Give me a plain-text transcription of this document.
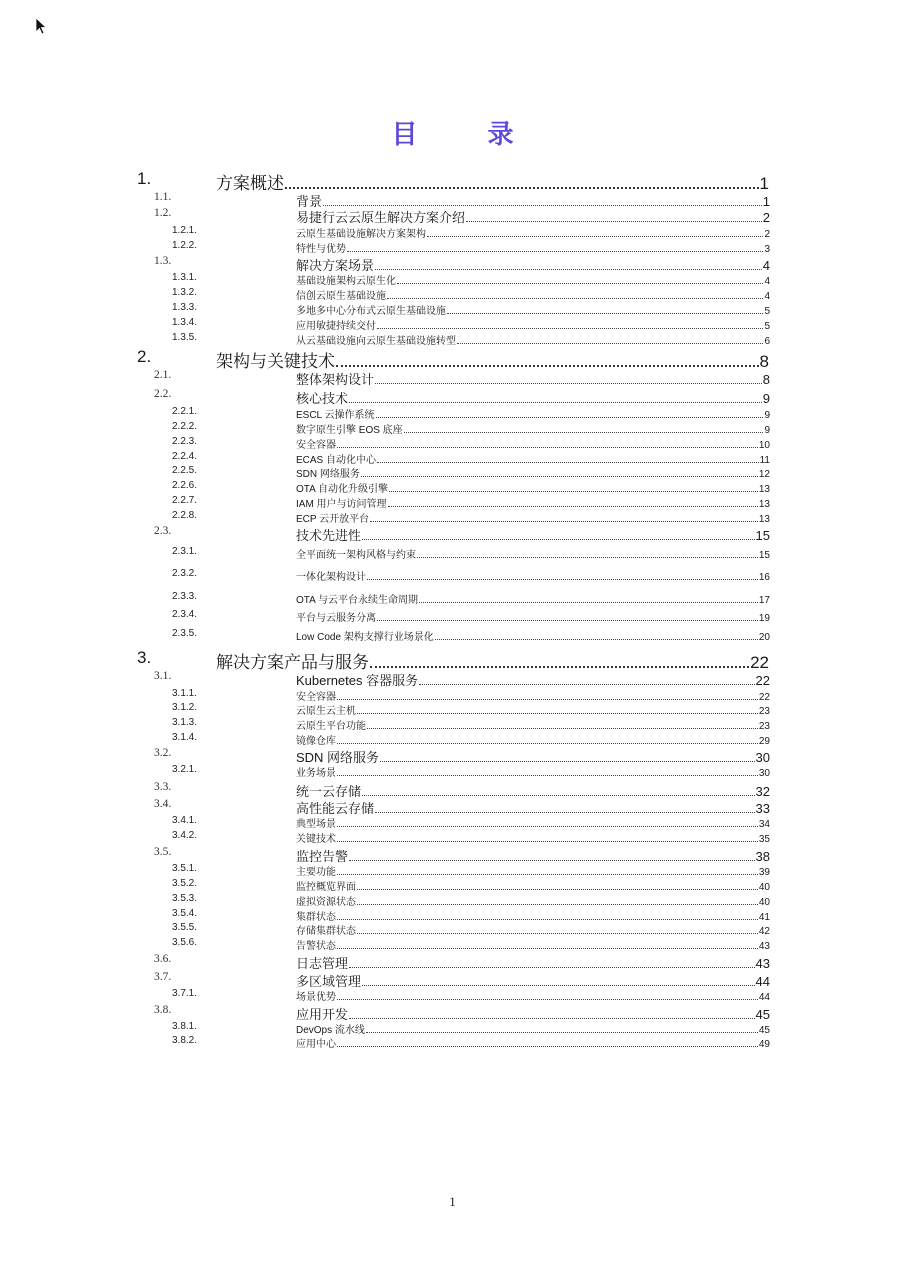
目　录
1.	方案概述	1
1.1.	背景	1
1.2.	易捷行云云原生解决方案介绍	2
1.2.1.	云原生基础设施解决方案架构	2
1.2.2.	特性与优势	3
1.3.	解决方案场景	4
1.3.1.	基础设施架构云原生化	4
1.3.2.	信创云原生基础设施	4
1.3.3.	多地多中心分布式云原生基础设施	5
1.3.4.	应用敏捷持续交付	5
1.3.5.	从云基础设施向云原生基础设施转型	6
2.	架构与关键技术	8
2.1.	整体架构设计	8
2.2.	核心技术	9
2.2.1.	ESCL 云操作系统	9
2.2.2.	数字原生引擎 EOS 底座	9
2.2.3.	安全容器	10
2.2.4.	ECAS 自动化中心	11
2.2.5.	SDN 网络服务	12
2.2.6.	OTA 自动化升级引擎	13
2.2.7.	IAM 用户与访问管理	13
2.2.8.	ECP 云开放平台	13
2.3.	技术先进性	15
2.3.1.	全平面统一架构风格与约束	15
2.3.2.	一体化架构设计	16
2.3.3.	OTA 与云平台永续生命周期	17
2.3.4.	平台与云服务分离	19
2.3.5.	Low Code 架构支撑行业场景化	20
3.	解决方案产品与服务	22
3.1.	Kubernetes 容器服务	22
3.1.1.	安全容器	22
3.1.2.	云原生云主机	23
3.1.3.	云原生平台功能	23
3.1.4.	镜像仓库	29
3.2.	SDN 网络服务	30
3.2.1.	业务场景	30
3.3.	统一云存储	32
3.4.	高性能云存储	33
3.4.1.	典型场景	34
3.4.2.	关键技术	35
3.5.	监控告警	38
3.5.1.	主要功能	39
3.5.2.	监控概览界面	40
3.5.3.	虚拟资源状态	40
3.5.4.	集群状态	41
3.5.5.	存储集群状态	42
3.5.6.	告警状态	43
3.6.	日志管理	43
3.7.	多区域管理	44
3.7.1.	场景优势	44
3.8.	应用开发	45
3.8.1.	DevOps 流水线	45
3.8.2.	应用中心	49
1
